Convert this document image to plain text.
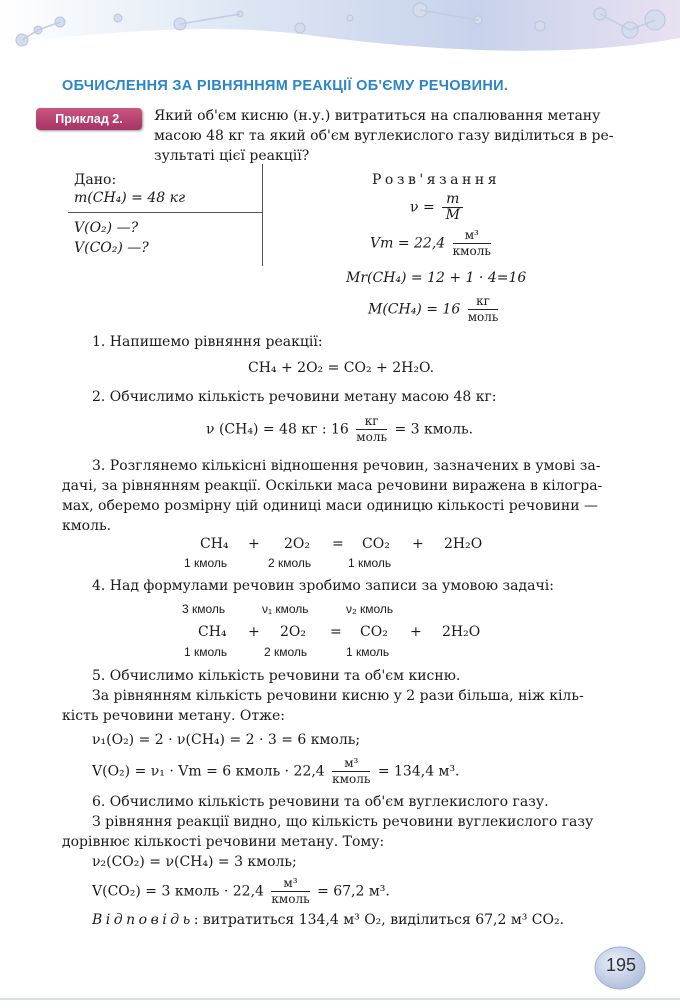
ОБЧИСЛЕННЯ ЗА РІВНЯННЯМ РЕАКЦІЇ ОБ'ЄМУ РЕЧОВИНИ.
Приклад 2.	Який об'єм кисню (н.у.) витратиться на спалювання метану
масою 48 кг та який об'єм вуглекислого газу виділиться в ре-
зультаті цієї реакції?
Дано:
m(CH₄) = 48 кг
V(O₂) —?
V(CO₂) —?
Розв'язання
$\nu = \frac{m}{M}$
$Vm = 22,4 \frac{\text{м³}}{\text{кмоль}}$
Mr(CH₄) = 12 + 1 · 4=16
$M(CH_4) = 16 \frac{кг}{\text{моль}}$
1. Напишемо рівняння реакції:
CH₄ + 2O₂ = CO₂ + 2H₂O.
2. Обчислимо кількість речовини метану масою 48 кг:
ν (CH₄) = 48 кг : $16 \frac{кг}{\text{моль}} = 3$ кмоль.
3. Розглянемо кількісні відношення речовин, зазначених в умові за-
дачі, за рівнянням реакції. Оскільки маса речовини виражена в кілогра-
мах, оберемо розмірну цій одиниці маси одиницю кількості речовини —
кмоль.
CH₄ + 2O₂ = CO₂ + 2H₂O
1 кмоль	2 кмоль	1 кмоль
4. Над формулами речовин зробимо записи за умовою задачі:
3 кмоль	ν₁ кмоль	ν₂ кмоль
CH₄ + 2O₂ = CO₂ + 2H₂O
1 кмоль	2 кмоль	1 кмоль
5. Обчислимо кількість речовини та об'єм кисню.
За рівнянням кількість речовини кисню у 2 рази більша, ніж кіль-
кість речовини метану. Отже:
ν₁(O₂) = 2 · ν(CH₄) = 2 · 3 = 6 кмоль;
V(O₂) = ν₁ · Vm = 6 кмоль · $22,4 \frac{\text{м³}}{\text{кмоль}} = 134,4$ м³.
6. Обчислимо кількість речовини та об'єм вуглекислого газу.
З рівняння реакції видно, що кількість речовини вуглекислого газу
дорівнює кількості речовини метану. Тому:
ν₂(CO₂) = ν(CH₄) = 3 кмоль;
V(CO₂) = 3 кмоль · $22,4 \frac{\text{м³}}{\text{кмоль}} = 67,2$ м³.
Відповідь: витратиться 134,4 м³ O₂, виділиться 67,2 м³ CO₂.
195
